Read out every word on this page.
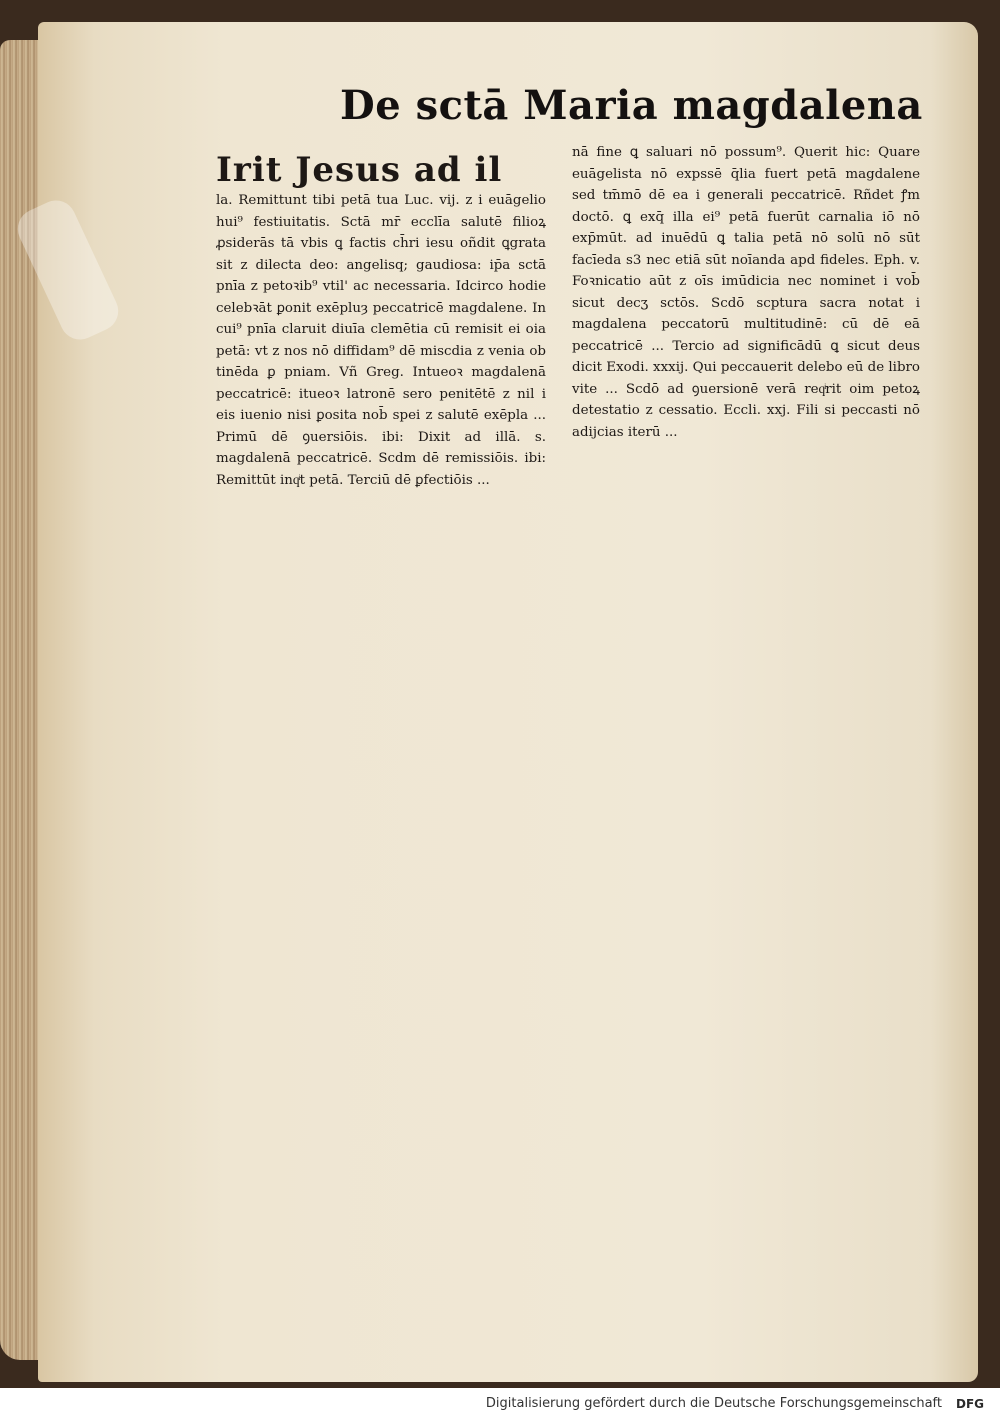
De sctā Maria magdalena
Irit Jesus ad il

la. Remittunt tibi petā tua Luc. vij. z i euāgelio hui⁹ festiuitatis. Sctā mr̄ ecclīa salutē filioꝝ ꝓsiderās tā vbis ꝗ factis ch̄ri iesu oñdit ꝗgrata sit z dilecta deo: angelisq; gaudiosa: ip̄a sctā pnīa z petoꝛib⁹ vtil' ac necessaria. Idcirco hodie celebꝛāt ꝑonit exēpluȝ peccatricē magdalene. In cui⁹ pnīa claruit diuīa clemētia cū remisit ei oia petā: vt z nos nō diffidam⁹ dē miscdia z venia ob tinēda ꝑ pniam. Vñ Greg. Intueoꝛ magdalenā peccatricē: itueoꝛ latronē sero penitētē z nil i eis iuenio nisi ꝑosita nob̄ spei z salutē exēpla ... Primū dē ꝯuersiōis. ibi: Dixit ad illā. s. magdalenā peccatricē. Scdm dē remissiōis. ibi: Remittūt inqͥt petā. Terciū dē ꝑfectiōis ...

nā fine ꝗ saluari nō possum⁹. Querit hic: Quare euāgelista nō expssē q̄lia fuert petā magdalene sed tm̄mō dē ea i generali peccatricē. Rñdet ꝭm doctō. ꝗ exq̄ illa ei⁹ petā fuerūt carnalia iō nō exp̄mūt. ad inuēdū ꝗ talia petā nō solū nō sūt facīeda s3 nec etiā sūt noīanda apd fideles. Eph. v. Foꝛnicatio aūt z oīs imūdicia nec nominet i vob̄ sicut decʒ sctōs. Scdō scptura sacra notat i magdalena peccatorū multitudinē: cū dē eā peccatricē ... Tercio ad significādū ꝗ sicut deus dicit Exodi. xxxij. Qui peccauerit delebo eū de libro vite ... Scdō ad ꝯuersionē verā reqͥrit oim petoꝝ detestatio z cessatio. Eccli. xxj. Fili si peccasti nō adijcias iterū ...

Digitalisierung gefördert durch die Deutsche Forschungsgemeinschaft	DFG
